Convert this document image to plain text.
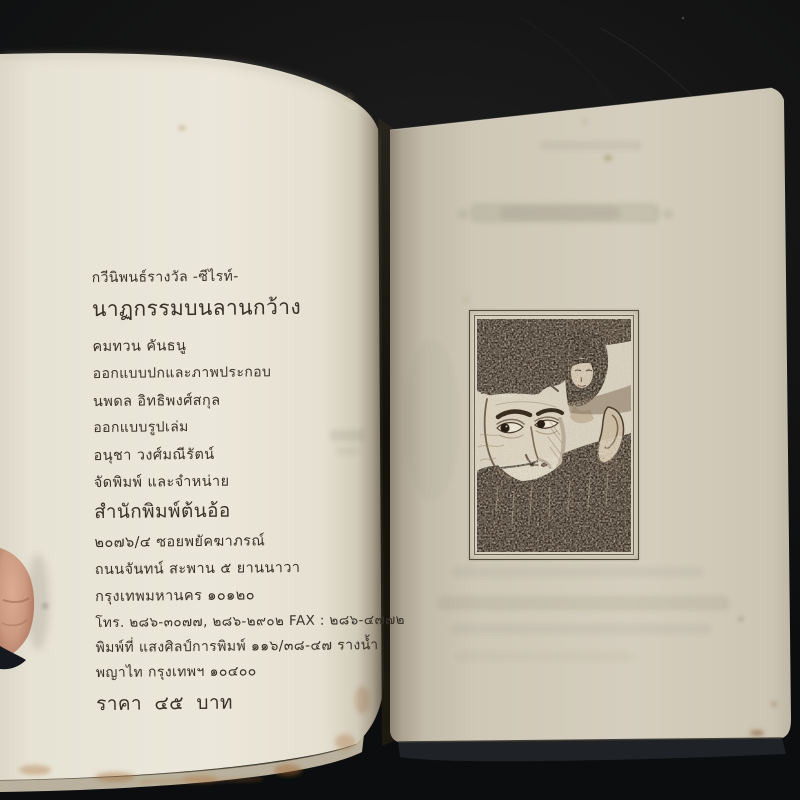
กวีนิพนธ์รางวัล -ซีไรท์-
นาฏกรรมบนลานกว้าง
คมทวน คันธนู
ออกแบบปกและภาพประกอบ
นพดล อิทธิพงศ์สกุล
ออกแบบรูปเล่ม
อนุชา วงศ์มณีรัตน์
จัดพิมพ์ และจำหน่าย
สำนักพิมพ์ต้นอ้อ
๒๐๗๖/๔ ซอยพยัคฆาภรณ์
ถนนจันทน์ สะพาน ๕ ยานนาวา
กรุงเทพมหานคร ๑๐๑๒๐
โทร. ๒๘๖-๓๐๗๗, ๒๘๖-๒๙๐๒ FAX : ๒๘๖-๔๗๗๒
พิมพ์ที่ แสงศิลป์การพิมพ์ ๑๑๖/๓๘-๔๗ รางน้ำ
พญาไท กรุงเทพฯ ๑๐๔๐๐
ราคา ๔๕ บาท
